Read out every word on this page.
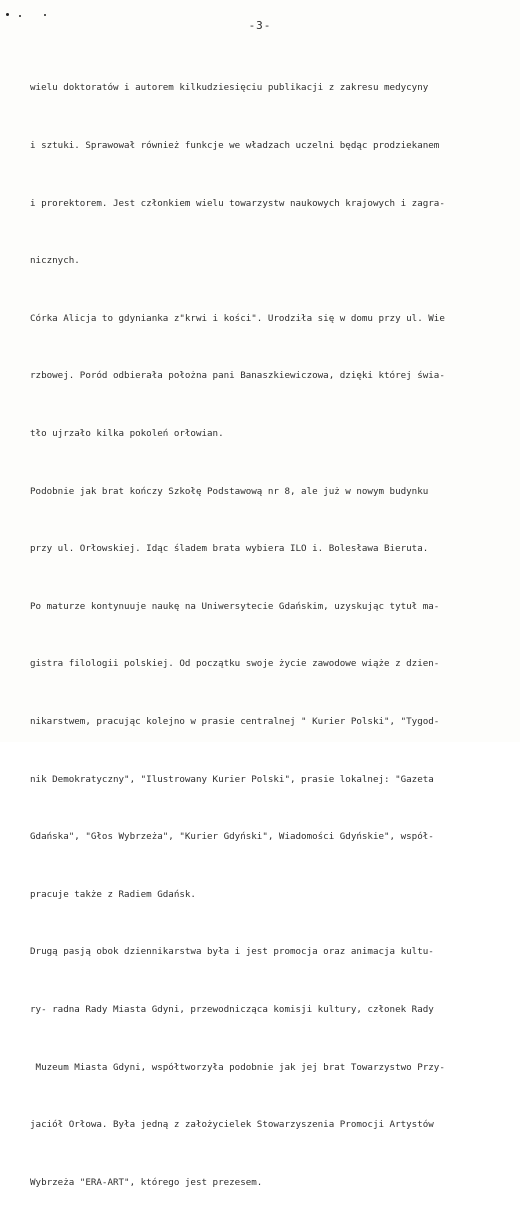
-3-

wielu doktoratów i autorem kilkudziesięciu publikacji z zakresu medycyny

i sztuki. Sprawował również funkcje we władzach uczelni będąc prodziekanem

i prorektorem. Jest członkiem wielu towarzystw naukowych krajowych i zagra-

nicznych.

Córka Alicja to gdynianka z"krwi i kości". Urodziła się w domu przy ul. Wie

rzbowej. Poród odbierała położna pani Banaszkiewiczowa, dzięki której świa-

tło ujrzało kilka pokoleń orłowian.

Podobnie jak brat kończy Szkołę Podstawową nr 8, ale już w nowym budynku

przy ul. Orłowskiej. Idąc śladem brata wybiera ILO i. Bolesława Bieruta.

Po maturze kontynuuje naukę na Uniwersytecie Gdańskim, uzyskując tytuł ma-

gistra filologii polskiej. Od początku swoje życie zawodowe wiąże z dzien-

nikarstwem, pracując kolejno w prasie centralnej " Kurier Polski", "Tygod-

nik Demokratyczny", "Ilustrowany Kurier Polski", prasie lokalnej: "Gazeta

Gdańska", "Głos Wybrzeża", "Kurier Gdyński", Wiadomości Gdyńskie", współ-

pracuje także z Radiem Gdańsk.

Drugą pasją obok dziennikarstwa była i jest promocja oraz animacja kultu-

ry- radna Rady Miasta Gdyni, przewodnicząca komisji kultury, członek Rady

Muzeum Miasta Gdyni, współtworzyła podobnie jak jej brat Towarzystwo Przy-

jaciół Orłowa. Była jedną z założycielek Stowarzyszenia Promocji Artystów

Wybrzeża "ERA-ART", którego jest prezesem.
